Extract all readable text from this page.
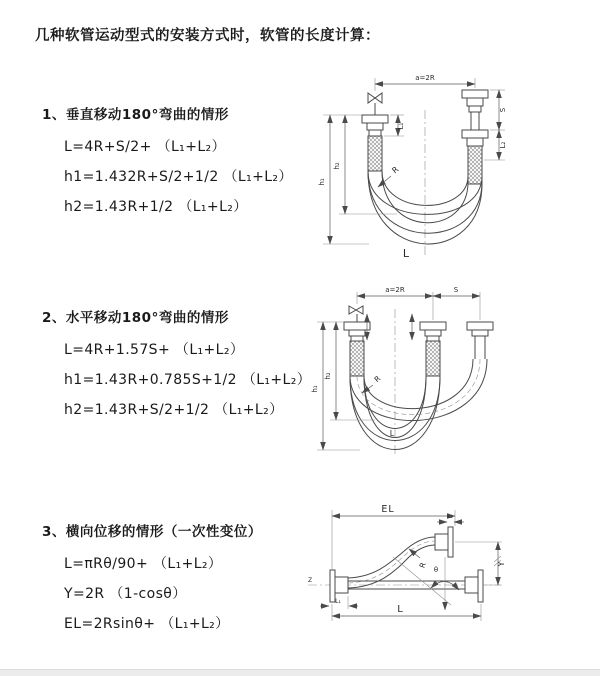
几种软管运动型式的安装方式时，软管的长度计算：
1、垂直移动180°弯曲的情形
L=4R+S/2+ （L₁+L₂）
h1=1.432R+S/2+1/2 （L₁+L₂）
h2=1.43R+1/2 （L₁+L₂）
a=2R
h₁
h₂
L₁
S
L₂
R
L
2、水平移动180°弯曲的情形
L=4R+1.57S+ （L₁+L₂）
h1=1.43R+0.785S+1/2 （L₁+L₂）
h2=1.43R+S/2+1/2 （L₁+L₂）
a=2R	S
h₁
h₂	R
L
3、横向位移的情形（一次性变位）
L=πRθ/90+ （L₁+L₂）
Y=2R （1-cosθ）
EL=2Rsinθ+ （L₁+L₂）
Z
θ
R
EL
L₂
Y
L
L₁
